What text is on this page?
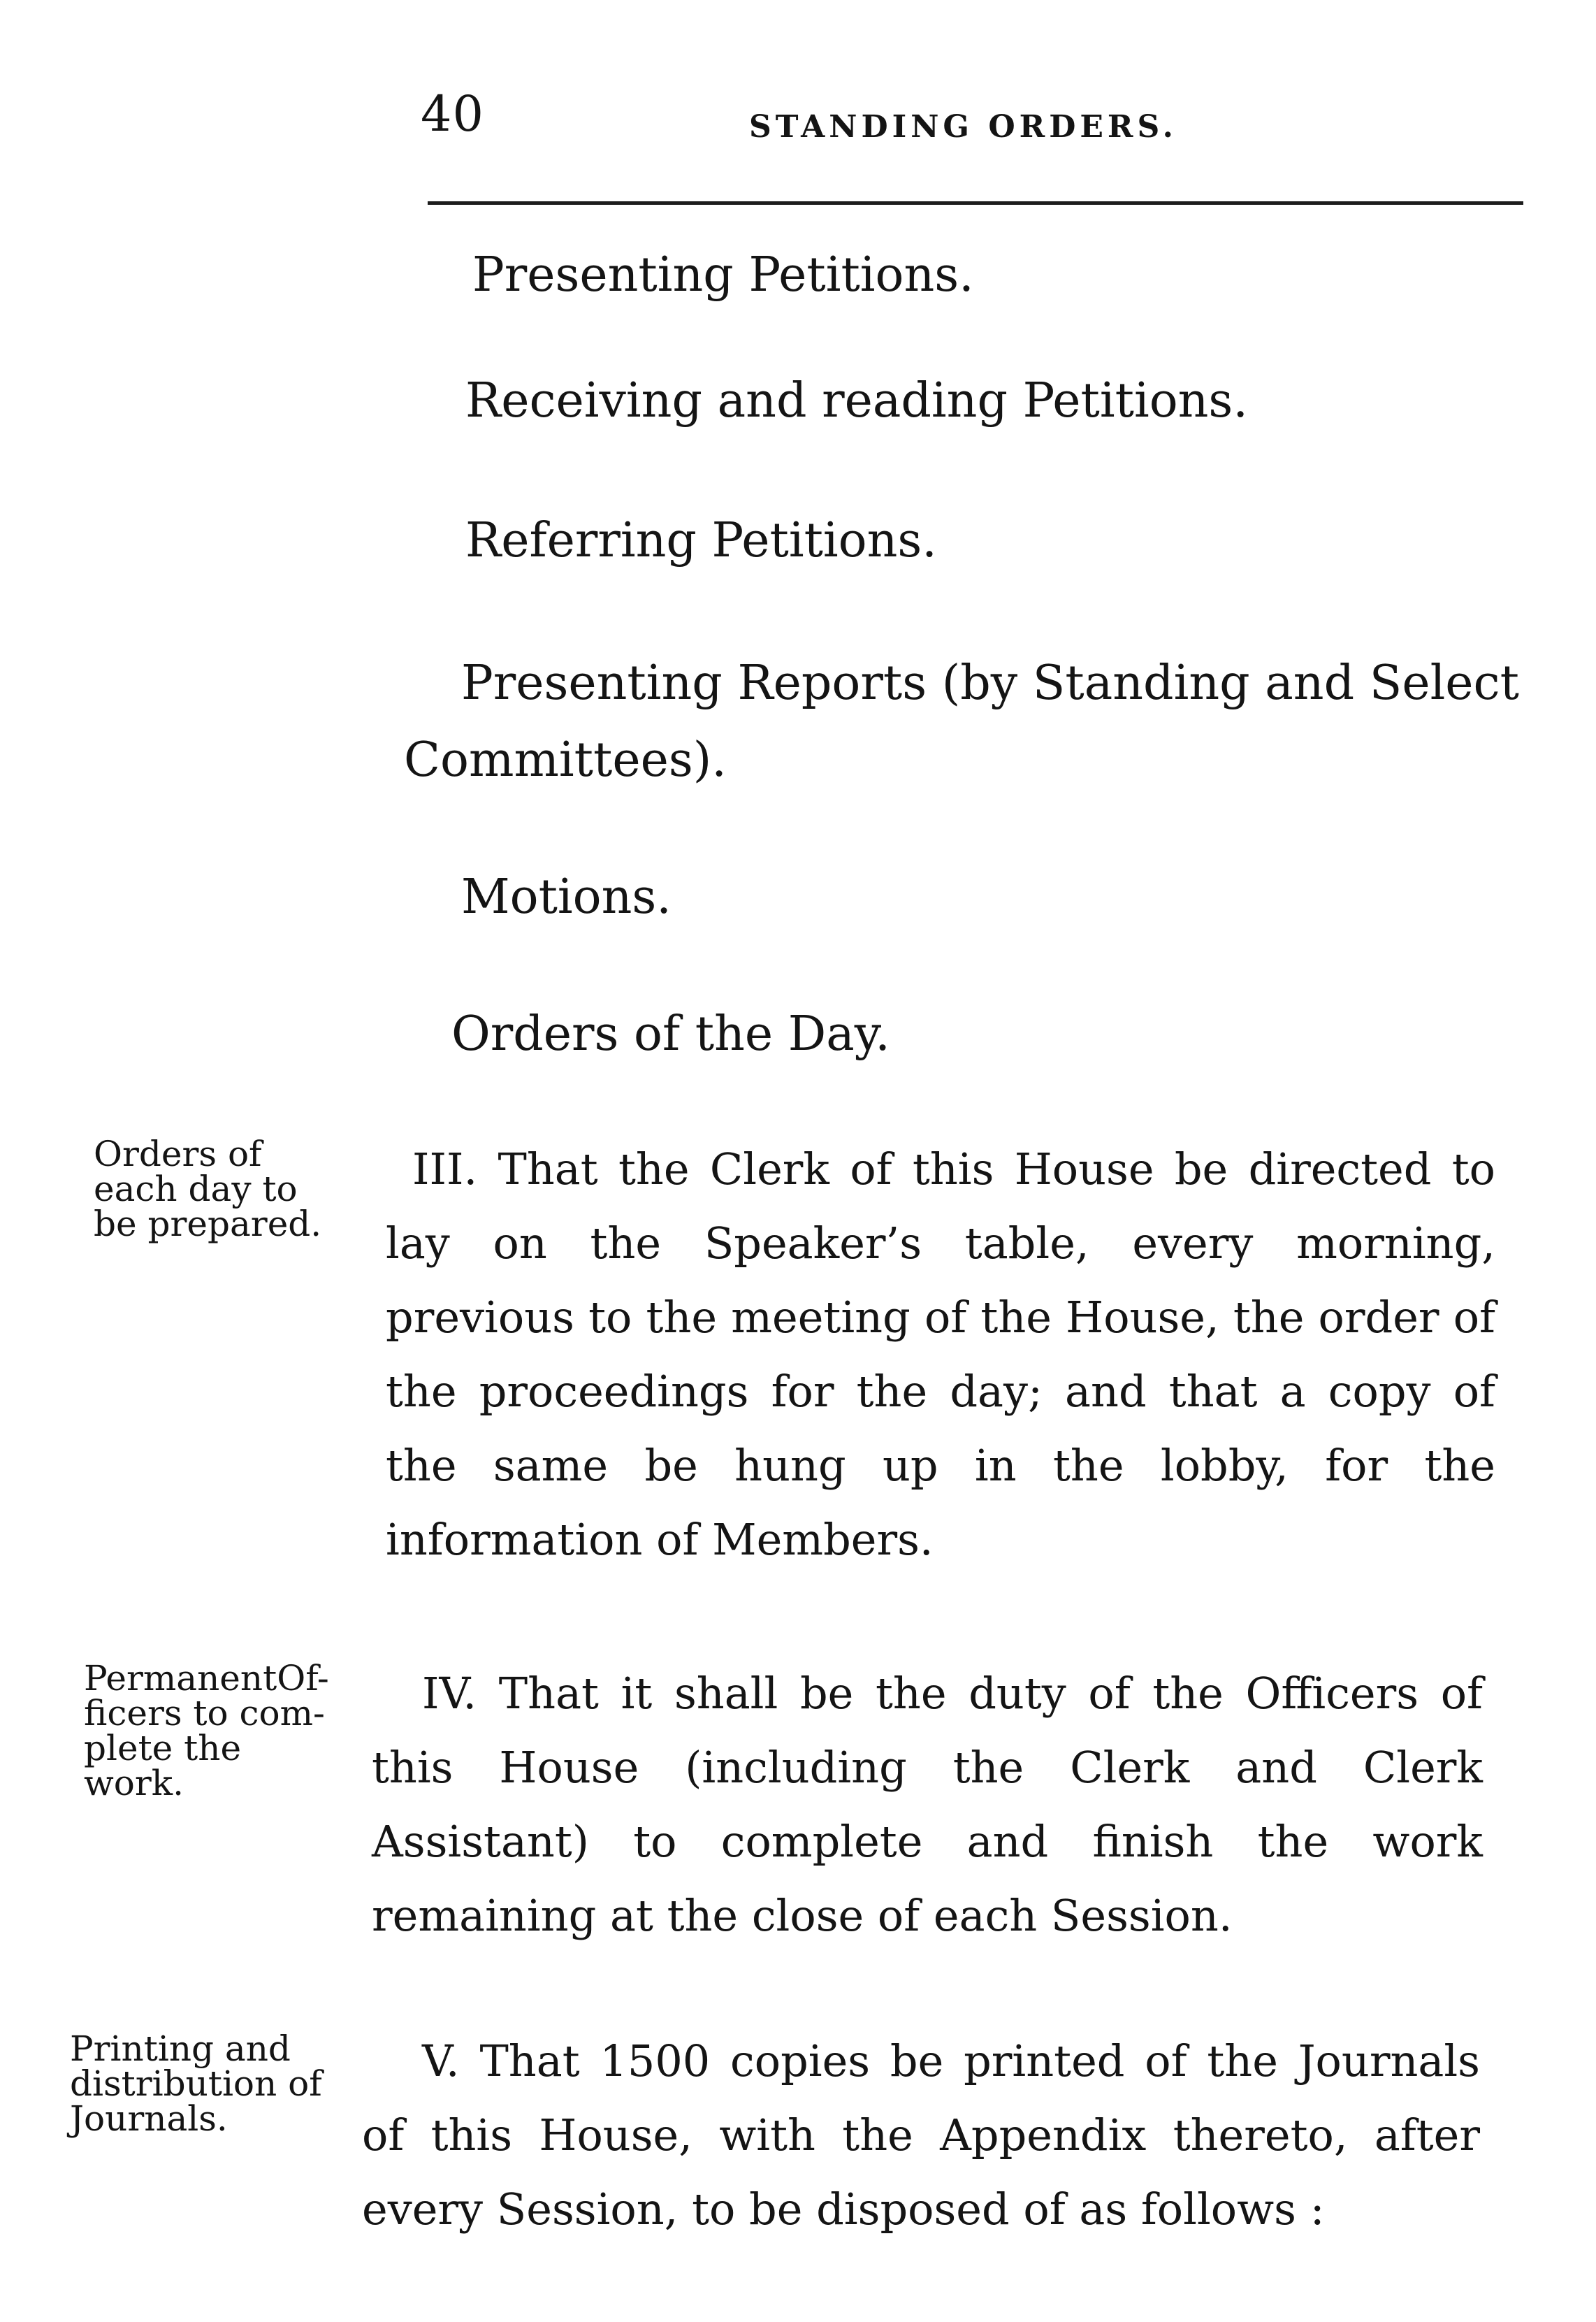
40	STANDING ORDERS.
Presenting Petitions.
Receiving and reading Petitions.
Referring Petitions.
Presenting Reports (by Standing and Select
Committees).
Motions.
Orders of the Day.
Orders of
each day to
be prepared.
III. That the Clerk of this House be directed to lay on the Speaker’s table, every morning, previous to the meeting of the House, the order of the proceedings for the day; and that a copy of the same be hung up in the lobby, for the information of Members.
PermanentOf-
ficers to com-
plete the
work.
IV. That it shall be the duty of the Officers of this House (including the Clerk and Clerk Assistant) to complete and finish the work remaining at the close of each Session.
Printing and
distribution of
Journals.
V. That 1500 copies be printed of the Journals of this House, with the Appendix thereto, after every Session, to be disposed of as follows :
